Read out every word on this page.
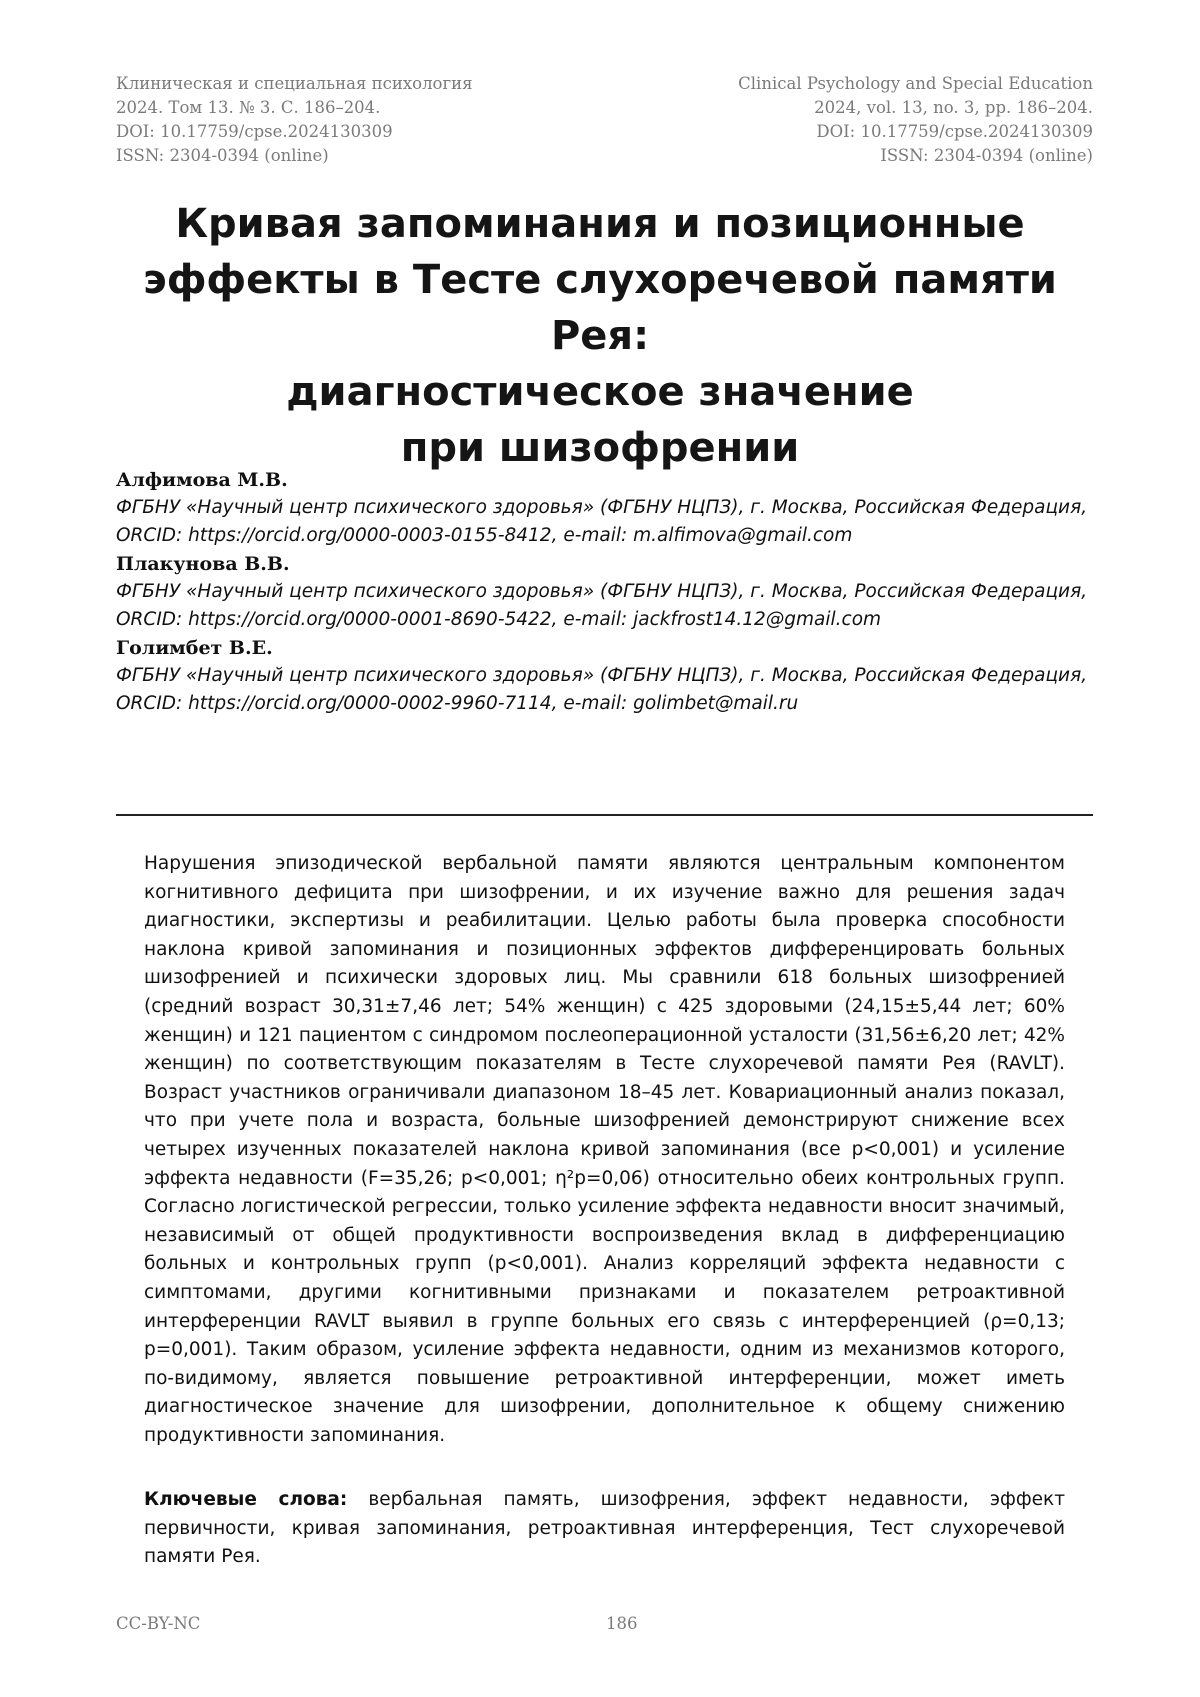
Клиническая и специальная психология
2024. Том 13. № 3. С. 186–204.
DOI: 10.17759/cpse.2024130309
ISSN: 2304-0394 (online)
Clinical Psychology and Special Education
2024, vol. 13, no. 3, pp. 186–204.
DOI: 10.17759/cpse.2024130309
ISSN: 2304-0394 (online)
Кривая запоминания и позиционные
эффекты в Тесте слухоречевой памяти Рея:
диагностическое значение
при шизофрении
Алфимова М.В.
ФГБНУ «Научный центр психического здоровья» (ФГБНУ НЦПЗ), г. Москва, Российская Федерация,
ORCID: https://orcid.org/0000-0003-0155-8412, e-mail: m.alfimova@gmail.com
Плакунова В.В.
ФГБНУ «Научный центр психического здоровья» (ФГБНУ НЦПЗ), г. Москва, Российская Федерация,
ORCID: https://orcid.org/0000-0001-8690-5422, e-mail: jackfrost14.12@gmail.com
Голимбет В.Е.
ФГБНУ «Научный центр психического здоровья» (ФГБНУ НЦПЗ), г. Москва, Российская Федерация,
ORCID: https://orcid.org/0000-0002-9960-7114, e-mail: golimbet@mail.ru

Нарушения эпизодической вербальной памяти являются центральным компонентом когнитивного дефицита при шизофрении, и их изучение важно для решения задач диагностики, экспертизы и реабилитации. Целью работы была проверка способности наклона кривой запоминания и позиционных эффектов дифференцировать больных шизофренией и психически здоровых лиц. Мы сравнили 618 больных шизофренией (средний возраст 30,31±7,46 лет; 54% женщин) с 425 здоровыми (24,15±5,44 лет; 60% женщин) и 121 пациентом с синдромом послеоперационной усталости (31,56±6,20 лет; 42% женщин) по соответствующим показателям в Тесте слухоречевой памяти Рея (RAVLT). Возраст участников ограничивали диапазоном 18–45 лет. Ковариационный анализ показал, что при учете пола и возраста, больные шизофренией демонстрируют снижение всех четырех изученных показателей наклона кривой запоминания (все p<0,001) и усиление эффекта недавности (F=35,26; p<0,001; η²p=0,06) относительно обеих контрольных групп. Согласно логистической регрессии, только усиление эффекта недавности вносит значимый, независимый от общей продуктивности воспроизведения вклад в дифференциацию больных и контрольных групп (p<0,001). Анализ корреляций эффекта недавности с симптомами, другими когнитивными признаками и показателем ретроактивной интерференции RAVLT выявил в группе больных его связь с интерференцией (ρ=0,13; p=0,001). Таким образом, усиление эффекта недавности, одним из механизмов которого, по-видимому, является повышение ретроактивной интерференции, может иметь диагностическое значение для шизофрении, дополнительное к общему снижению продуктивности запоминания.

Ключевые слова: вербальная память, шизофрения, эффект недавности, эффект первичности, кривая запоминания, ретроактивная интерференция, Тест слухоречевой памяти Рея.

CC-BY-NC	186
